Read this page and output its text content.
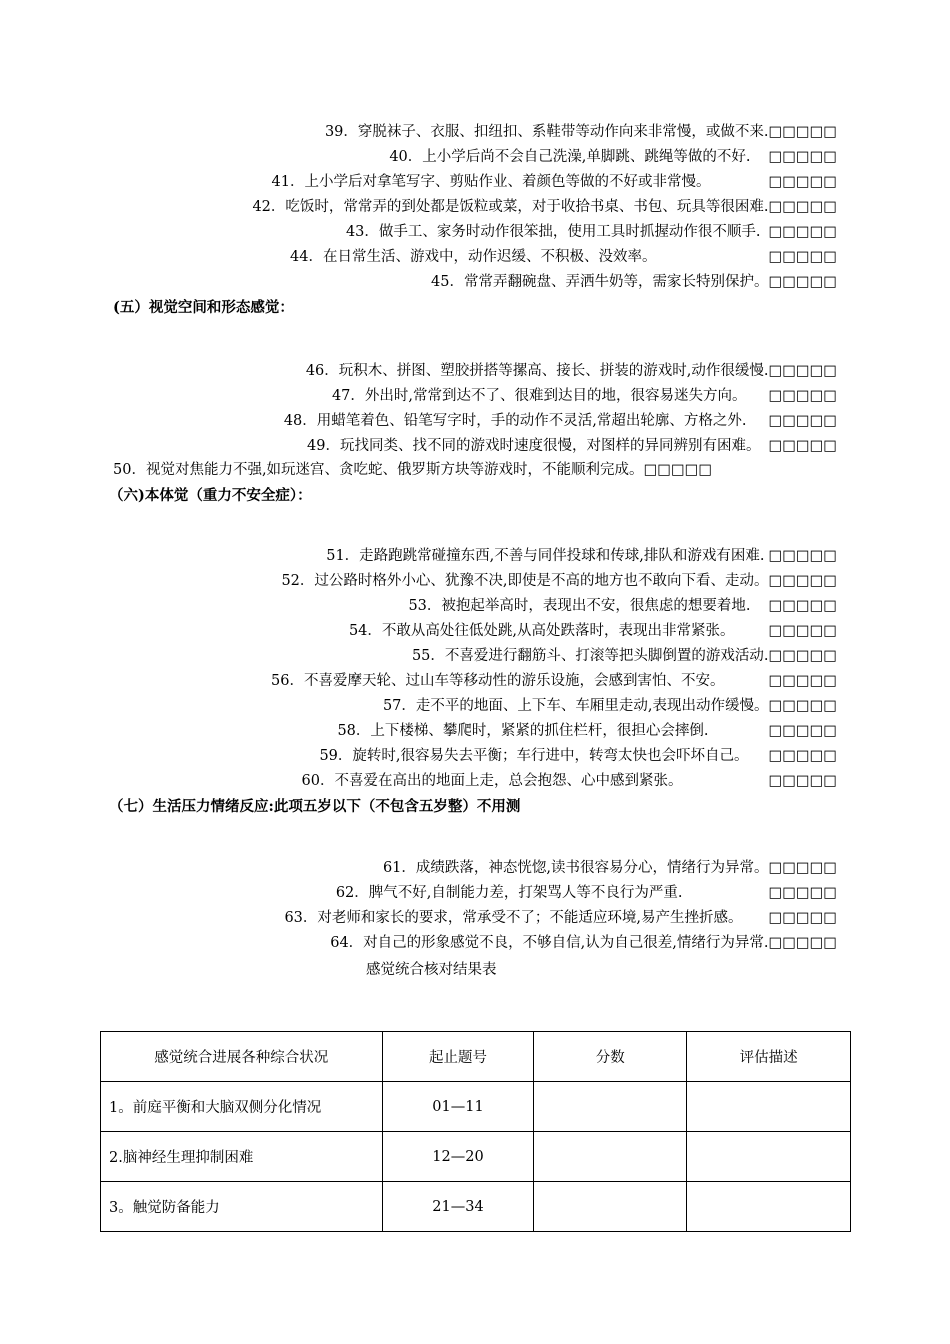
39．穿脱袜子、衣服、扣纽扣、系鞋带等动作向来非常慢，或做不来.□□□□□
40．上小学后尚不会自己洗澡,单脚跳、跳绳等做的不好. □□□□□
41．上小学后对拿笔写字、剪贴作业、着颜色等做的不好或非常慢。	□□□□□
42．吃饭时，常常弄的到处都是饭粒或菜，对于收拾书桌、书包、玩具等很困难.□□□□□
43．做手工、家务时动作很笨拙，使用工具时抓握动作很不顺手. □□□□□
44．在日常生活、游戏中，动作迟缓、不积极、没效率。	□□□□□
45．常常弄翻碗盘、弄洒牛奶等，需家长特别保护。□□□□□
(五）视觉空间和形态感觉：
46．玩积木、拼图、塑胶拼搭等摞高、接长、拼装的游戏时,动作很缓慢.□□□□□
47．外出时,常常到达不了、很难到达目的地，很容易迷失方向。 □□□□□
48．用蜡笔着色、铅笔写字时，手的动作不灵活,常超出轮廓、方格之外. □□□□□
49．玩找同类、找不同的游戏时速度很慢，对图样的异同辨别有困难。 □□□□□
50．视觉对焦能力不强,如玩迷宫、贪吃蛇、俄罗斯方块等游戏时，不能顺利完成。□□□□□
（六)本体觉（重力不安全症）：
51．走路跑跳常碰撞东西,不善与同伴投球和传球,排队和游戏有困难. □□□□□
52．过公路时格外小心、犹豫不决,即使是不高的地方也不敢向下看、走动。□□□□□
53．被抱起举高时，表现出不安，很焦虑的想要着地. □□□□□
54．不敢从高处往低处跳,从高处跌落时，表现出非常紧张。 □□□□□
55．不喜爱进行翻筋斗、打滚等把头脚倒置的游戏活动.□□□□□
56．不喜爱摩天轮、过山车等移动性的游乐设施，会感到害怕、不安。	□□□□□
57．走不平的地面、上下车、车厢里走动,表现出动作缓慢。□□□□□
58．上下楼梯、攀爬时，紧紧的抓住栏杆，很担心会摔倒.	□□□□□
59．旋转时,很容易失去平衡；车行进中，转弯太快也会吓坏自己。 □□□□□
60．不喜爱在高出的地面上走，总会抱怨、心中感到紧张。	□□□□□
（七）生活压力情绪反应:此项五岁以下（不包含五岁整）不用测
61．成绩跌落，神态恍惚,读书很容易分心，情绪行为异常。□□□□□
62．脾气不好,自制能力差，打架骂人等不良行为严重.	□□□□□
63．对老师和家长的要求，常承受不了；不能适应环境,易产生挫折感。 □□□□□
64．对自己的形象感觉不良，不够自信,认为自己很差,情绪行为异常.□□□□□
感觉统合核对结果表
感觉统合进展各种综合状况	起止题号	分数	评估描述
1。前庭平衡和大脑双侧分化情况	01—11		
2.脑神经生理抑制困难	12—20		
3。触觉防备能力	21—34		
